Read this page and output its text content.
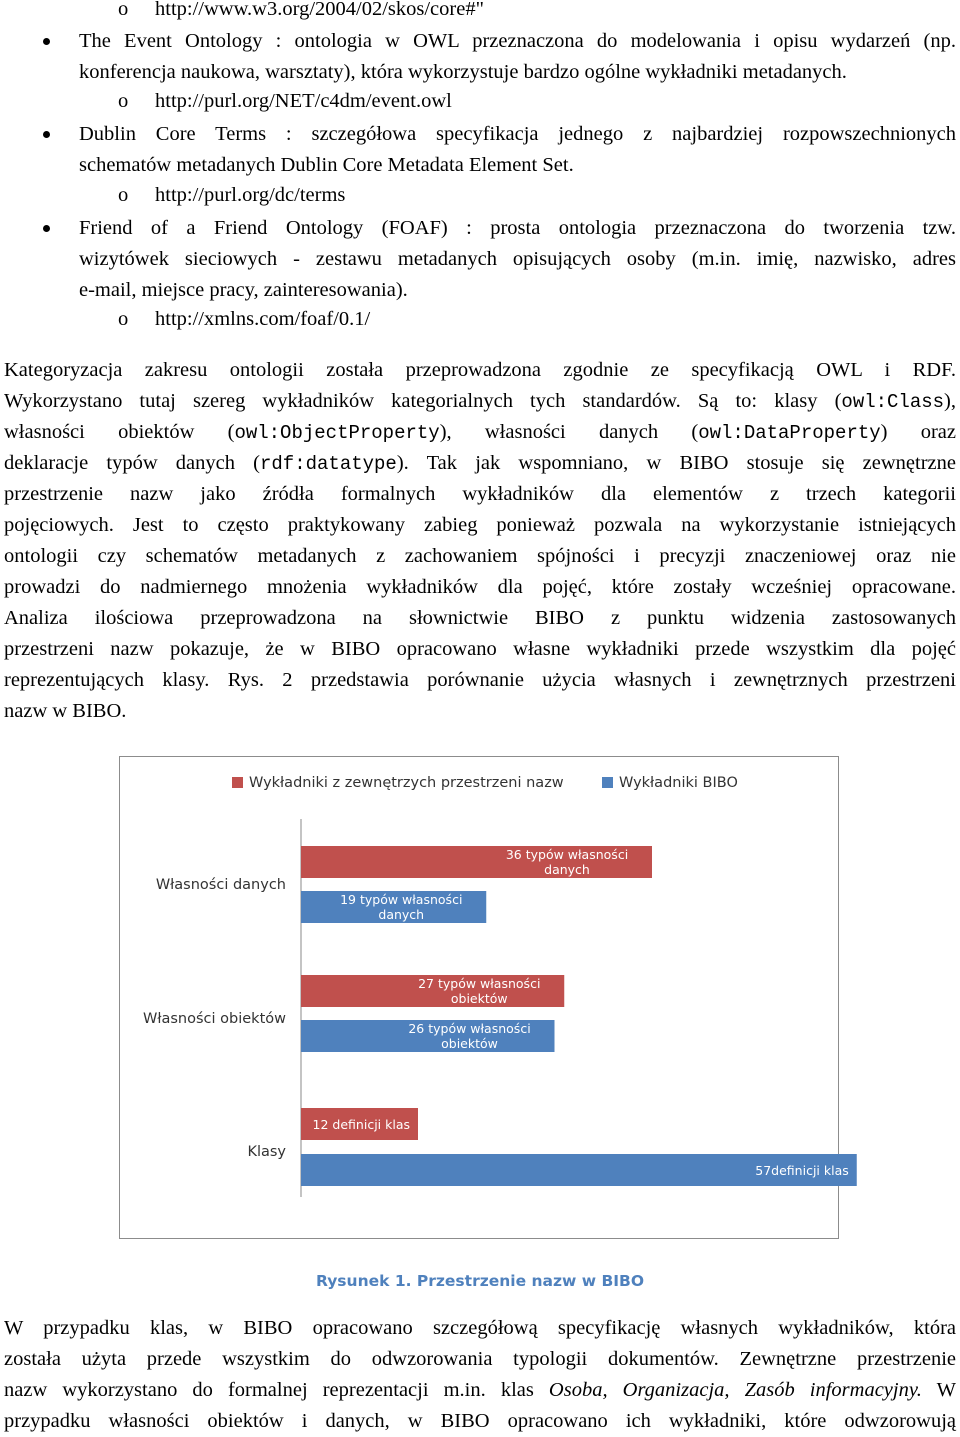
o http://www.w3.org/2004/02/skos/core#"
The Event Ontology : ontologia w OWL przeznaczona do modelowania i opisu wydarzeń (np.
konferencja naukowa, warsztaty), która wykorzystuje bardzo ogólne wykładniki metadanych.
o http://purl.org/NET/c4dm/event.owl
Dublin Core Terms : szczegółowa specyfikacja jednego z najbardziej rozpowszechnionych
schematów metadanych Dublin Core Metadata Element Set.
o http://purl.org/dc/terms
Friend of a Friend Ontology (FOAF) : prosta ontologia przeznaczona do tworzenia tzw.
wizytówek sieciowych - zestawu metadanych opisujących osoby (m.in. imię, nazwisko, adres
e-mail, miejsce pracy, zainteresowania).
o http://xmlns.com/foaf/0.1/
Kategoryzacja zakresu ontologii została przeprowadzona zgodnie ze specyfikacją OWL i RDF.
Wykorzystano tutaj szereg wykładników kategorialnych tych standardów. Są to: klasy (owl:Class),
własności obiektów (owl:ObjectProperty), własności danych (owl:DataProperty) oraz
deklaracje typów danych (rdf:datatype). Tak jak wspomniano, w BIBO stosuje się zewnętrzne
przestrzenie nazw jako źródła formalnych wykładników dla elementów z trzech kategorii
pojęciowych. Jest to często praktykowany zabieg ponieważ pozwala na wykorzystanie istniejących
ontologii czy schematów metadanych z zachowaniem spójności i precyzji znaczeniowej oraz nie
prowadzi do nadmiernego mnożenia wykładników dla pojęć, które zostały wcześniej opracowane.
Analiza ilościowa przeprowadzona na słownictwie BIBO z punktu widzenia zastosowanych
przestrzeni nazw pokazuje, że w BIBO opracowano własne wykładniki przede wszystkim dla pojęć
reprezentujących klasy. Rys. 2 przedstawia porównanie użycia własnych i zewnętrznych przestrzeni
nazw w BIBO.
Wykładniki z zewnętrzych przestrzeni nazw	Wykładniki BIBO
Własności danych
36 typów własności
danych
19 typów własności
danych
Własności obiektów
27 typów własności
obiektów
26 typów własności
obiektów
Klasy
12 definicji klas
57definicji klas
Rysunek 1. Przestrzenie nazw w BIBO
W przypadku klas, w BIBO opracowano szczegółową specyfikację własnych wykładników, która
została użyta przede wszystkim do odwzorowania typologii dokumentów. Zewnętrzne przestrzenie
nazw wykorzystano do formalnej reprezentacji m.in. klas Osoba, Organizacja, Zasób informacyjny. W
przypadku własności obiektów i danych, w BIBO opracowano ich wykładniki, które odwzorowują
